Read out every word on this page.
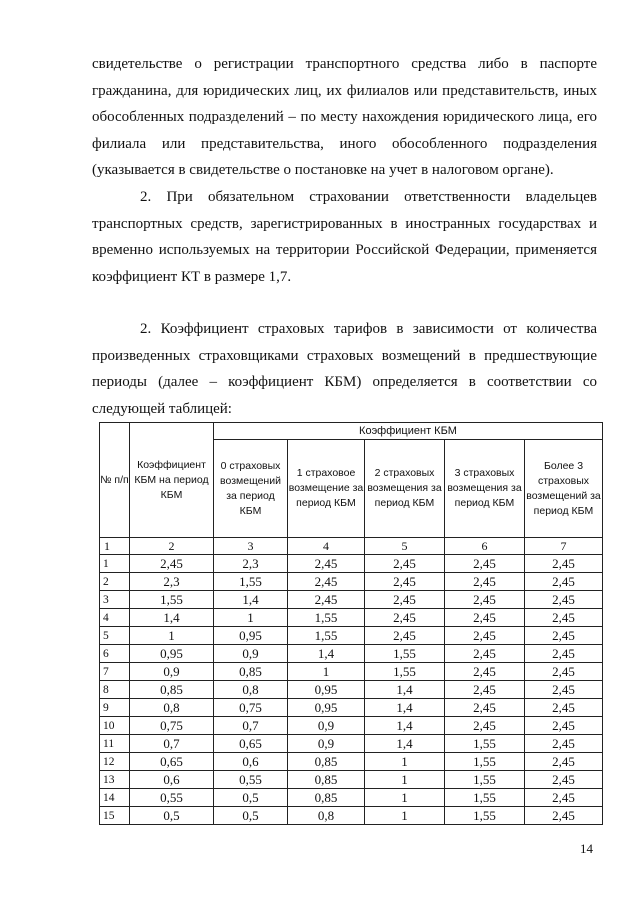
свидетельстве о регистрации транспортного средства либо в паспорте гражданина, для юридических лиц, их филиалов или представительств, иных обособленных подразделений – по месту нахождения юридического лица, его филиала или представительства, иного обособленного подразделения (указывается в свидетельстве о постановке на учет в налоговом органе).

2. При обязательном страховании ответственности владельцев транспортных средств, зарегистрированных в иностранных государствах и временно используемых на территории Российской Федерации, применяется коэффициент КТ в размере 1,7.

2. Коэффициент страховых тарифов в зависимости от количества произведенных страховщиками страховых возмещений в предшествующие периоды (далее – коэффициент КБМ) определяется в соответствии со следующей таблицей:

№ п/п	Коэффициент КБМ на период КБМ	Коэффициент КБМ				
		0 страховых возмещений за период КБМ	1 страховое возмещение за период КБМ	2 страховых возмещения за период КБМ	3 страховых возмещения за период КБМ	Более 3 страховых возмещений за период КБМ
1	2	3	4	5	6	7
1	2,45	2,3	2,45	2,45	2,45	2,45
2	2,3	1,55	2,45	2,45	2,45	2,45
3	1,55	1,4	2,45	2,45	2,45	2,45
4	1,4	1	1,55	2,45	2,45	2,45
5	1	0,95	1,55	2,45	2,45	2,45
6	0,95	0,9	1,4	1,55	2,45	2,45
7	0,9	0,85	1	1,55	2,45	2,45
8	0,85	0,8	0,95	1,4	2,45	2,45
9	0,8	0,75	0,95	1,4	2,45	2,45
10	0,75	0,7	0,9	1,4	2,45	2,45
11	0,7	0,65	0,9	1,4	1,55	2,45
12	0,65	0,6	0,85	1	1,55	2,45
13	0,6	0,55	0,85	1	1,55	2,45
14	0,55	0,5	0,85	1	1,55	2,45
15	0,5	0,5	0,8	1	1,55	2,45
14
